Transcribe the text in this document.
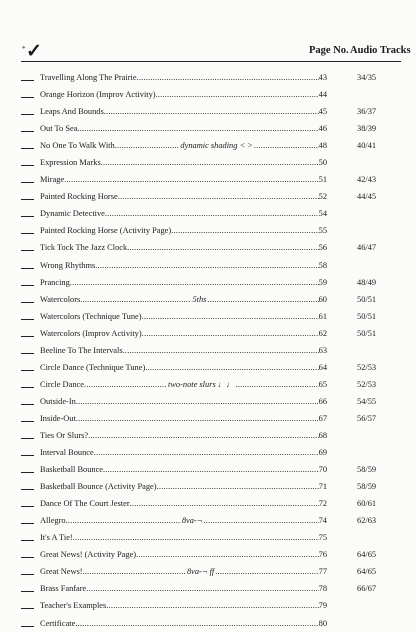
* ✓	Page No. Audio Tracks
Travelling Along The Prairie .....	43	34/35
Orange Horizon (Improv Activity) .....	44
Leaps And Bounds .....	45	36/37
Out To Sea .....	46	38/39
No One To Walk With .....	dynamic shading < > .....	48	40/41
Expression Marks .....	50
Mirage .....	51	42/43
Painted Rocking Horse .....	52	44/45
Dynamic Detective .....	54
Painted Rocking Horse (Activity Page) .....	55
Tick Tock The Jazz Clock .....	56	46/47
Wrong Rhythms .....	58
Prancing .....	59	48/49
Watercolors .....	5ths .....	60	50/51
Watercolors (Technique Tune) .....	61	50/51
Watercolors (Improv Activity) .....	62	50/51
Beeline To The Intervals .....	63
Circle Dance (Technique Tune) .....	64	52/53
Circle Dance .....	two-note slurs ♩♩ .....	65	52/53
Outside-In .....	66	54/55
Inside-Out .....	67	56/57
Ties Or Slurs? .....	68
Interval Bounce .....	69
Basketball Bounce .....	70	58/59
Basketball Bounce (Activity Page) .....	71	58/59
Dance Of The Court Jester .....	72	60/61
Allegro .....	8va-¬ .....	74	62/63
It's A Tie! .....	75
Great News! (Activity Page) .....	76	64/65
Great News! .....	8va-¬ ff .....	77	64/65
Brass Fanfare .....	78	66/67
Teacher's Examples .....	79
Certificate .....	80
